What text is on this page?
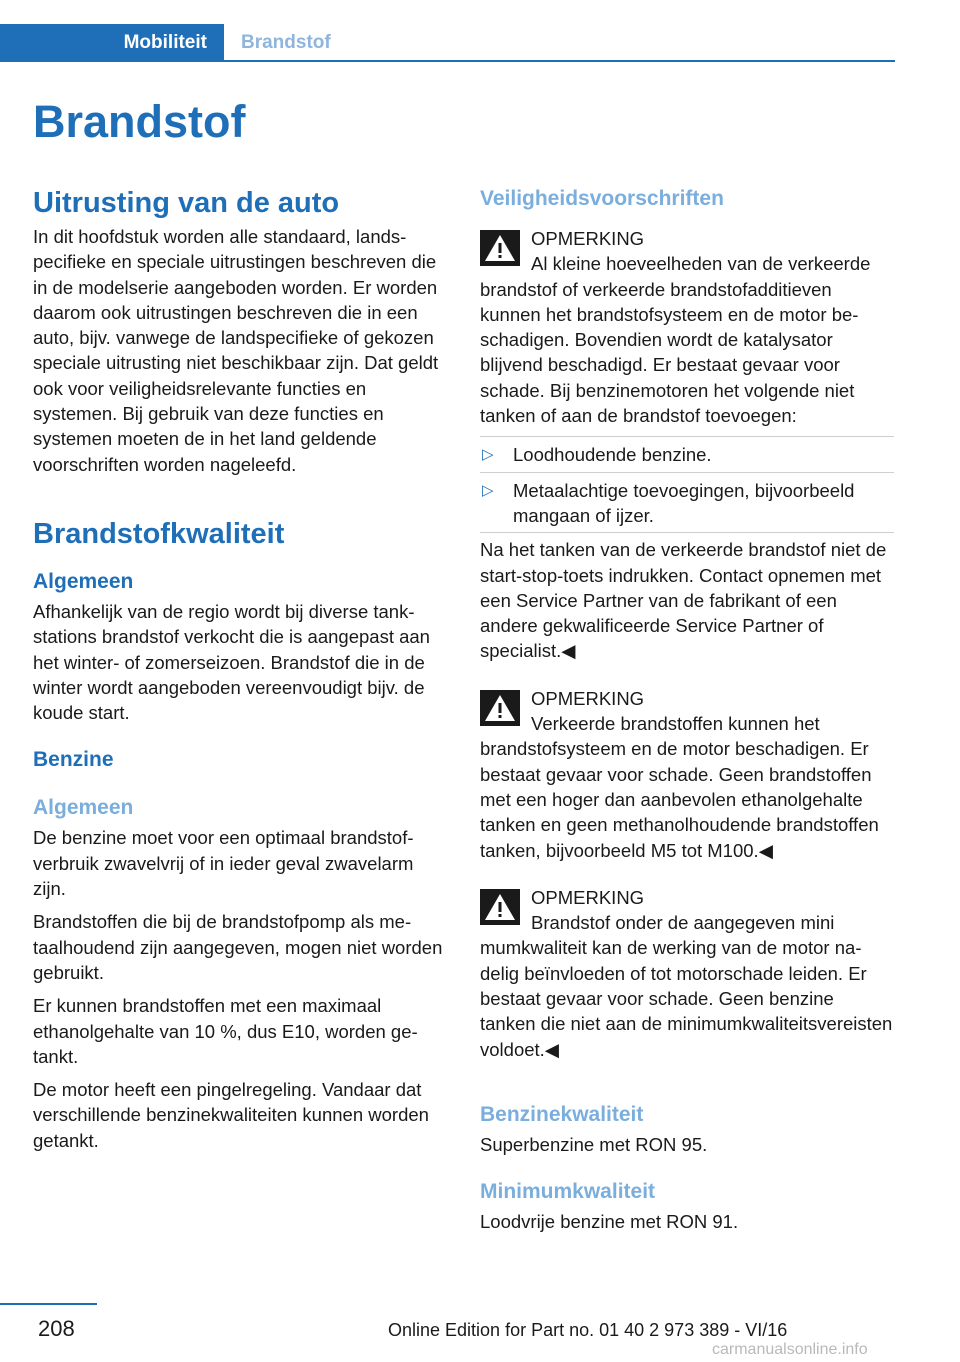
Mobiliteit	Brandstof
Brandstof
Uitrusting van de auto

In dit hoofdstuk worden alle standaard, landspecifieke en speciale uitrustingen beschreven die in de modelserie aangeboden worden. Er worden daarom ook uitrustingen beschreven die in een auto, bijv. vanwege de landspecifieke of gekozen speciale uitrusting niet beschikbaar zijn. Dat geldt ook voor veiligheidsrelevante functies en systemen. Bij gebruik van deze functies en systemen moeten de in het land geldende voorschriften worden nageleefd.

Brandstofkwaliteit
Algemeen

Afhankelijk van de regio wordt bij diverse tankstations brandstof verkocht die is aangepast aan het winter- of zomerseizoen. Brandstof die in de winter wordt aangeboden vereenvoudigt bijv. de koude start.

Benzine
Algemeen

De benzine moet voor een optimaal brandstofverbruik zwavelvrij of in ieder geval zwavelarm zijn.

Brandstoffen die bij de brandstofpomp als metaalhoudend zijn aangegeven, mogen niet worden gebruikt.

Er kunnen brandstoffen met een maximaal ethanolgehalte van 10 %, dus E10, worden getankt.

De motor heeft een pingelregeling. Vandaar dat verschillende benzinekwaliteiten kunnen worden getankt.

Veiligheidsvoorschriften
OPMERKING

Al kleine hoeveelheden van de verkeerde

brandstof of verkeerde brandstofadditieven kunnen het brandstofsysteem en de motor beschadigen. Bovendien wordt de katalysator blijvend beschadigd. Er bestaat gevaar voor schade. Bij benzinemotoren het volgende niet tanken of aan de brandstof toevoegen:

▷ Loodhoudende benzine.
▷ Metaalachtige toevoegingen, bijvoorbeeld mangaan of ijzer.

Na het tanken van de verkeerde brandstof niet de start-stop-toets indrukken. Contact opnemen met een Service Partner van de fabrikant of een andere gekwalificeerde Service Partner of specialist.◀

OPMERKING

Verkeerde brandstoffen kunnen het

brandstofsysteem en de motor beschadigen. Er bestaat gevaar voor schade. Geen brandstoffen met een hoger dan aanbevolen ethanolgehalte tanken en geen methanolhoudende brandstoffen tanken, bijvoorbeeld M5 tot M100.◀

OPMERKING

Brandstof onder de aangegeven mini

mumkwaliteit kan de werking van de motor nadelig beïnvloeden of tot motorschade leiden. Er bestaat gevaar voor schade. Geen benzine tanken die niet aan de minimumkwaliteitsvereisten voldoet.◀

Benzinekwaliteit

Superbenzine met RON 95.

Minimumkwaliteit

Loodvrije benzine met RON 91.

208	Online Edition for Part no. 01 40 2 973 389 - VI/16
carmanualsonline.info
